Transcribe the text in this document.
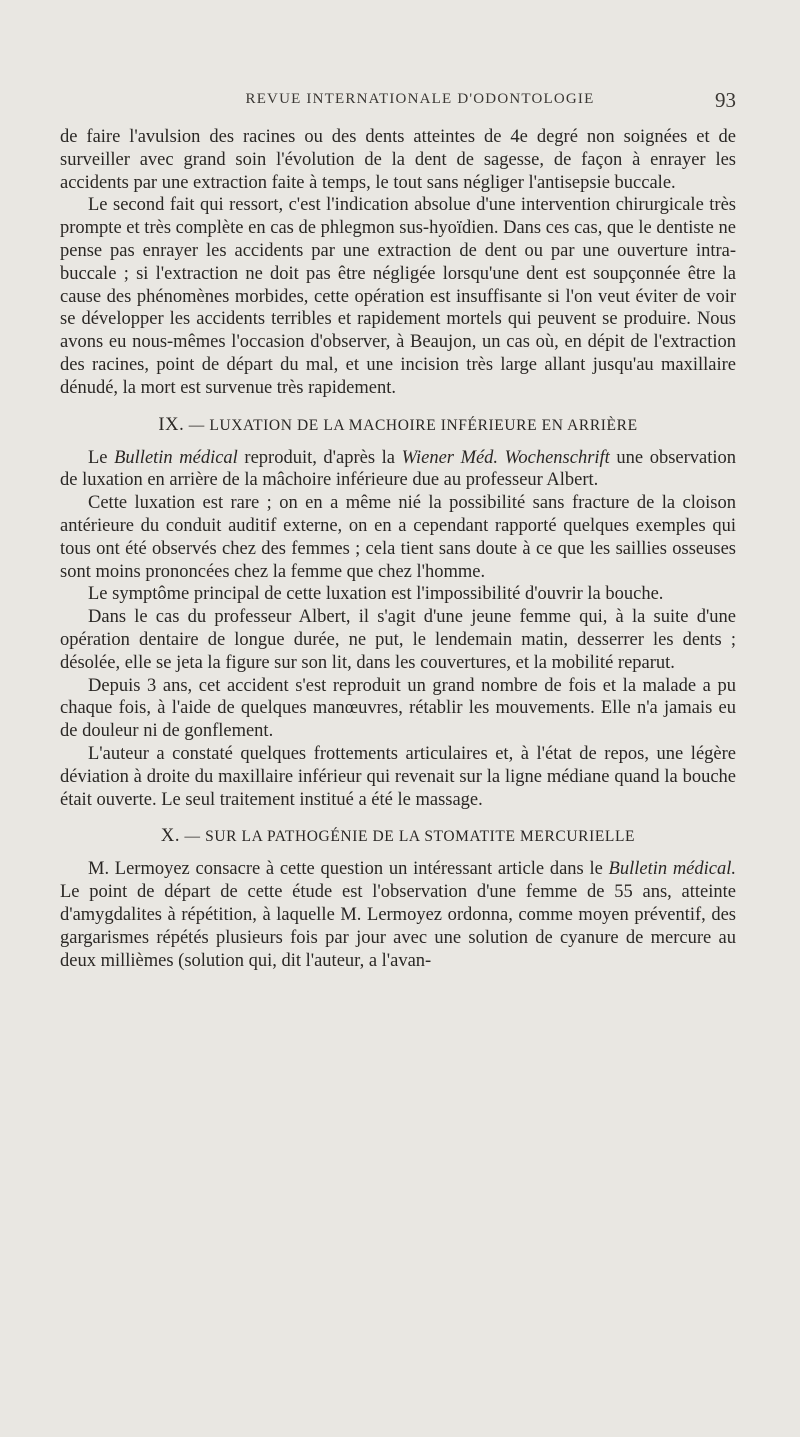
REVUE INTERNATIONALE D'ODONTOLOGIE	93

de faire l'avulsion des racines ou des dents atteintes de 4e degré non soignées et de surveiller avec grand soin l'évolution de la dent de sagesse, de façon à enrayer les accidents par une extraction faite à temps, le tout sans négliger l'antisepsie buccale.

Le second fait qui ressort, c'est l'indication absolue d'une intervention chirurgicale très prompte et très complète en cas de phlegmon sus-hyoïdien. Dans ces cas, que le dentiste ne pense pas enrayer les accidents par une extraction de dent ou par une ouverture intra-buccale ; si l'extraction ne doit pas être négligée lorsqu'une dent est soupçonnée être la cause des phénomènes morbides, cette opération est insuffisante si l'on veut éviter de voir se développer les accidents terribles et rapidement mortels qui peuvent se produire. Nous avons eu nous-mêmes l'occasion d'observer, à Beaujon, un cas où, en dépit de l'extraction des racines, point de départ du mal, et une incision très large allant jusqu'au maxillaire dénudé, la mort est survenue très rapidement.

IX. — LUXATION DE LA MACHOIRE INFÉRIEURE EN ARRIÈRE

Le Bulletin médical reproduit, d'après la Wiener Méd. Wochenschrift une observation de luxation en arrière de la mâchoire inférieure due au professeur Albert.

Cette luxation est rare ; on en a même nié la possibilité sans fracture de la cloison antérieure du conduit auditif externe, on en a cependant rapporté quelques exemples qui tous ont été observés chez des femmes ; cela tient sans doute à ce que les saillies osseuses sont moins prononcées chez la femme que chez l'homme.

Le symptôme principal de cette luxation est l'impossibilité d'ouvrir la bouche.

Dans le cas du professeur Albert, il s'agit d'une jeune femme qui, à la suite d'une opération dentaire de longue durée, ne put, le lendemain matin, desserrer les dents ; désolée, elle se jeta la figure sur son lit, dans les couvertures, et la mobilité reparut.

Depuis 3 ans, cet accident s'est reproduit un grand nombre de fois et la malade a pu chaque fois, à l'aide de quelques manœuvres, rétablir les mouvements. Elle n'a jamais eu de douleur ni de gonflement.

L'auteur a constaté quelques frottements articulaires et, à l'état de repos, une légère déviation à droite du maxillaire inférieur qui revenait sur la ligne médiane quand la bouche était ouverte. Le seul traitement institué a été le massage.

X. — SUR LA PATHOGÉNIE DE LA STOMATITE MERCURIELLE

M. Lermoyez consacre à cette question un intéressant article dans le Bulletin médical. Le point de départ de cette étude est l'observation d'une femme de 55 ans, atteinte d'amygdalites à répétition, à laquelle M. Lermoyez ordonna, comme moyen préventif, des gargarismes répétés plusieurs fois par jour avec une solution de cyanure de mercure au deux millièmes (solution qui, dit l'auteur, a l'avan-
